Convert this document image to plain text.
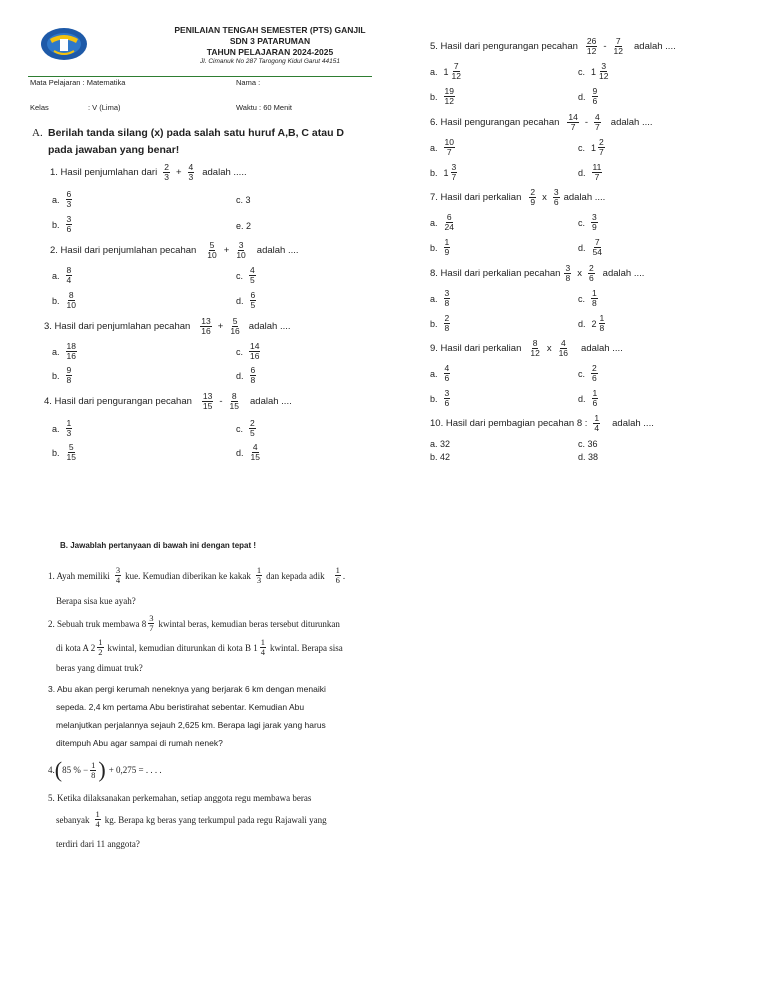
PENILAIAN TENGAH SEMESTER (PTS) GANJIL
SDN 3 PATARUMAN
TAHUN PELAJARAN 2024-2025
Jl. Cimanuk No 287 Tarogong Kidul Garut 44151
Mata Pelajaran : Matematika	Nama :
Kelas	: V (Lima)	Waktu : 60 Menit
A. Berilah tanda silang (x) pada salah satu huruf A,B, C atau D
pada jawaban yang benar!
1. Hasil penjumlahan dari $\frac{2}{3} + \frac{4}{3}$ adalah .....
a. $\frac{6}{3}$	c. 3
b. $\frac{3}{6}$	e. 2
2. Hasil dari penjumlahan pecahan $\frac{5}{10} + \frac{3}{10}$ adalah ....
a. $\frac{8}{4}$	c. $\frac{4}{5}$
b. $\frac{8}{10}$	d. $\frac{6}{5}$
3. Hasil dari penjumlahan pecahan $\frac{13}{16} + \frac{5}{16}$ adalah ....
a. $\frac{18}{16}$	c. $\frac{14}{16}$
b. $\frac{9}{8}$	d. $\frac{6}{8}$
4. Hasil dari pengurangan pecahan $\frac{13}{15} - \frac{8}{15}$ adalah ....
a. $\frac{1}{3}$	c. $\frac{2}{5}$
b. $\frac{5}{15}$	d. $\frac{4}{15}$
5. Hasil dari pengurangan pecahan $\frac{26}{12} - \frac{7}{12}$ adalah ....
a. $1 \frac{7}{12}$	c. $1 \frac{3}{12}$
b. $\frac{19}{12}$	d. $\frac{9}{6}$
6. Hasil pengurangan pecahan $\frac{14}{7} - \frac{4}{7}$ adalah ....
a. $\frac{10}{7}$	c. $1 \frac{2}{7}$
b. $1 \frac{3}{7}$	d. $\frac{11}{7}$
7. Hasil dari perkalian $\frac{2}{9}$ x $\frac{3}{6}$ adalah ....
a. $\frac{6}{24}$	c. $\frac{3}{9}$
b. $\frac{1}{9}$	d. $\frac{7}{54}$
8. Hasil dari perkalian pecahan $\frac{3}{8}$ x $\frac{2}{6}$ adalah ....
a. $\frac{3}{8}$	c. $\frac{1}{8}$
b. $\frac{2}{8}$	d. $2 \frac{1}{8}$
9. Hasil dari perkalian $\frac{8}{12}$ x $\frac{4}{16}$ adalah ....
a. $\frac{4}{6}$	c. $\frac{2}{6}$
b. $\frac{3}{6}$	d. $\frac{1}{6}$
10. Hasil dari pembagian pecahan 8 : $\frac{1}{4}$ adalah ....
a. 32	c. 36
b. 42	d. 38
B. Jawablah pertanyaan di bawah ini dengan tepat !
1. Ayah memiliki $\frac{3}{4}$ kue. Kemudian diberikan ke kakak $\frac{1}{3}$ dan kepada adik $\frac{1}{6}$ .
Berapa sisa kue ayah?
2. Sebuah truk membawa $8 \frac{3}{7}$ kwintal beras, kemudian beras tersebut diturunkan
di kota A $2 \frac{1}{2}$ kwintal, kemudian diturunkan di kota B $1 \frac{1}{4}$ kwintal. Berapa sisa
beras yang dimuat truk?
3. Abu akan pergi kerumah neneknya yang berjarak 6 km dengan menaiki
sepeda. 2,4 km pertama Abu beristirahat sebentar. Kemudian Abu
melanjutkan perjalannya sejauh 2,625 km. Berapa lagi jarak yang harus
ditempuh Abu agar sampai di rumah nenek?
4. ( 85 % − $\frac{1}{8}$ ) + 0,275 = . . . .
5. Ketika dilaksanakan perkemahan, setiap anggota regu membawa beras
sebanyak $\frac{1}{4}$ kg. Berapa kg beras yang terkumpul pada regu Rajawali yang
terdiri dari 11 anggota?
